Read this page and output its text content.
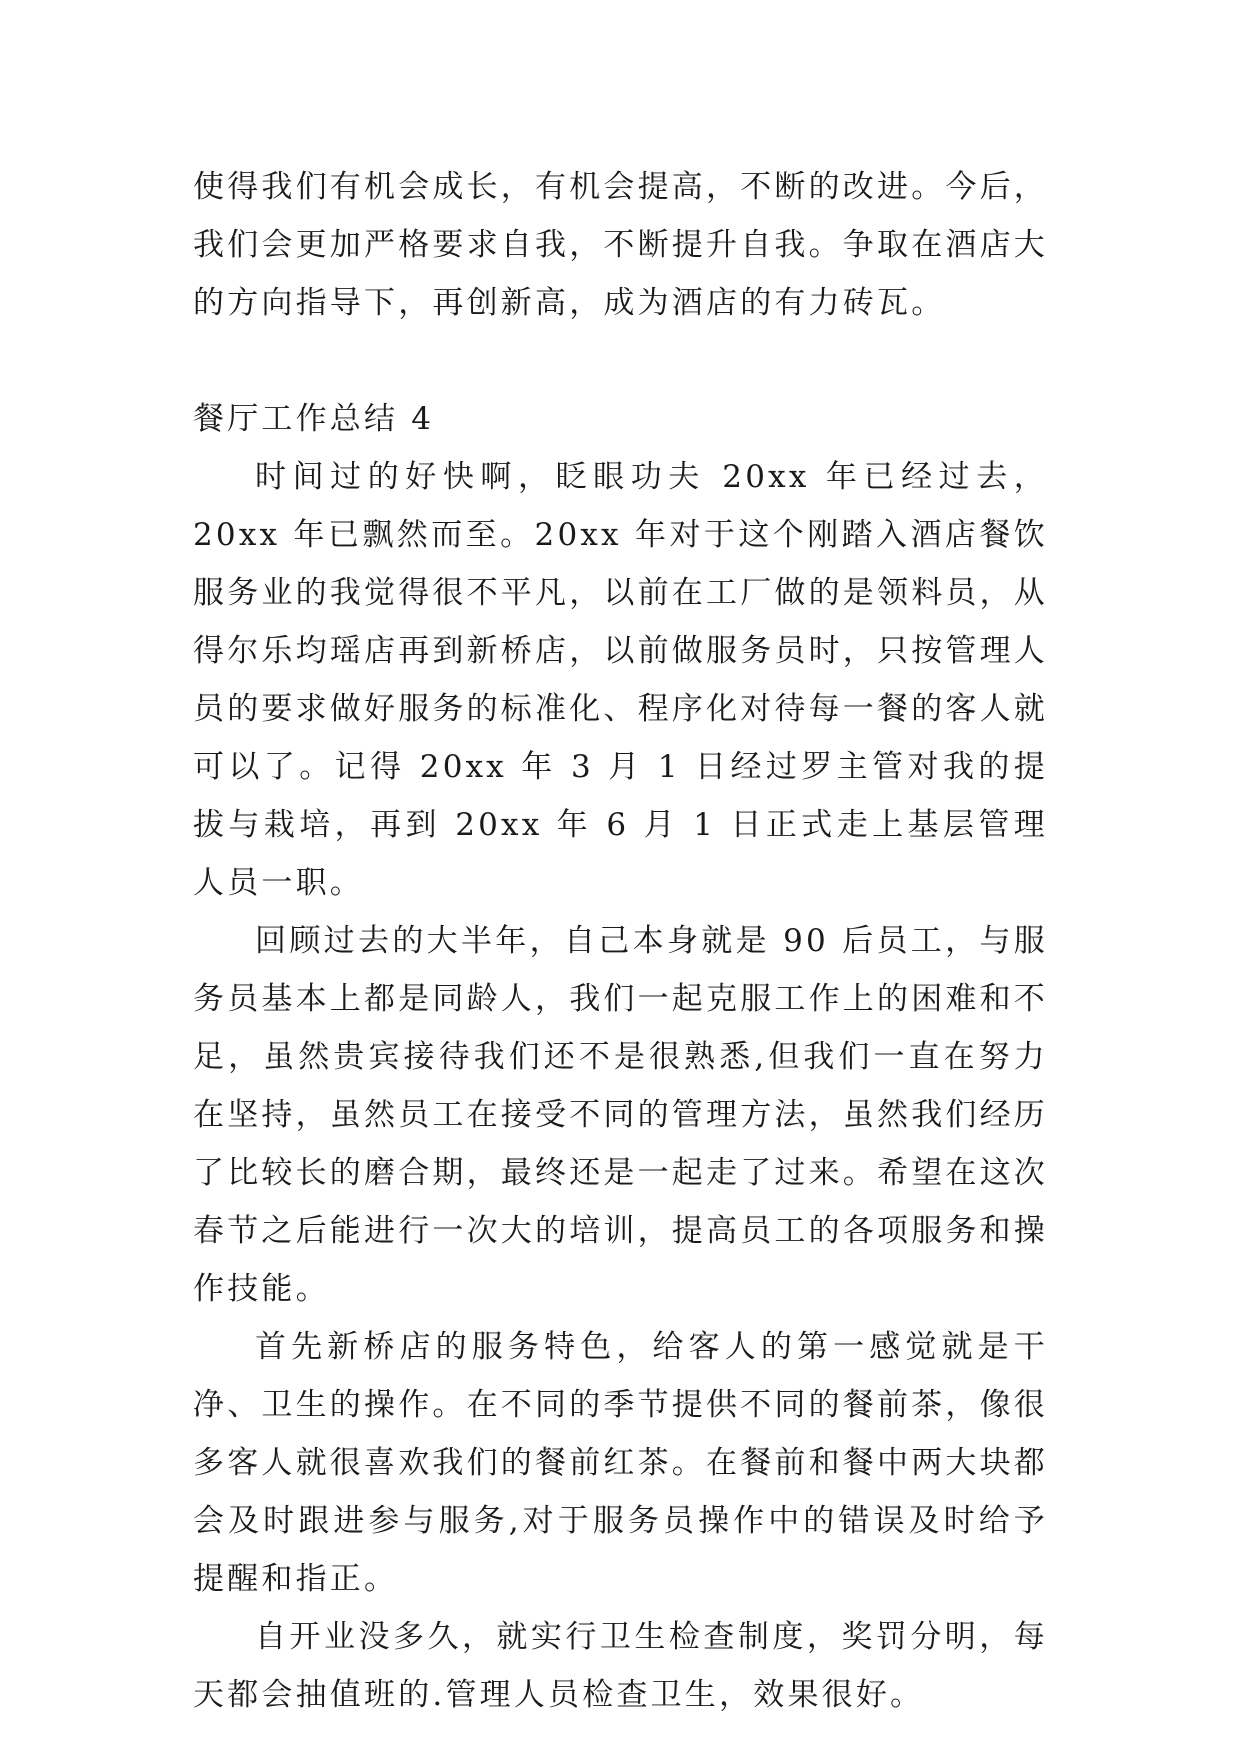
使得我们有机会成长，有机会提高，不断的改进。今后，我们会更加严格要求自我，不断提升自我。争取在酒店大的方向指导下，再创新高，成为酒店的有力砖瓦。

餐厅工作总结 4

时间过的好快啊，眨眼功夫 20xx 年已经过去，20xx 年已飘然而至。20xx 年对于这个刚踏入酒店餐饮服务业的我觉得很不平凡，以前在工厂做的是领料员，从得尔乐均瑶店再到新桥店，以前做服务员时，只按管理人员的要求做好服务的标准化、程序化对待每一餐的客人就可以了。记得 20xx 年 3 月 1 日经过罗主管对我的提拔与栽培，再到 20xx 年 6 月 1 日正式走上基层管理人员一职。

回顾过去的大半年，自己本身就是 90 后员工，与服务员基本上都是同龄人，我们一起克服工作上的困难和不足，虽然贵宾接待我们还不是很熟悉,但我们一直在努力在坚持，虽然员工在接受不同的管理方法，虽然我们经历了比较长的磨合期，最终还是一起走了过来。希望在这次春节之后能进行一次大的培训，提高员工的各项服务和操作技能。

首先新桥店的服务特色，给客人的第一感觉就是干净、卫生的操作。在不同的季节提供不同的餐前茶，像很多客人就很喜欢我们的餐前红茶。在餐前和餐中两大块都会及时跟进参与服务,对于服务员操作中的错误及时给予提醒和指正。

自开业没多久，就实行卫生检查制度，奖罚分明，每天都会抽值班的.管理人员检查卫生，效果很好。
